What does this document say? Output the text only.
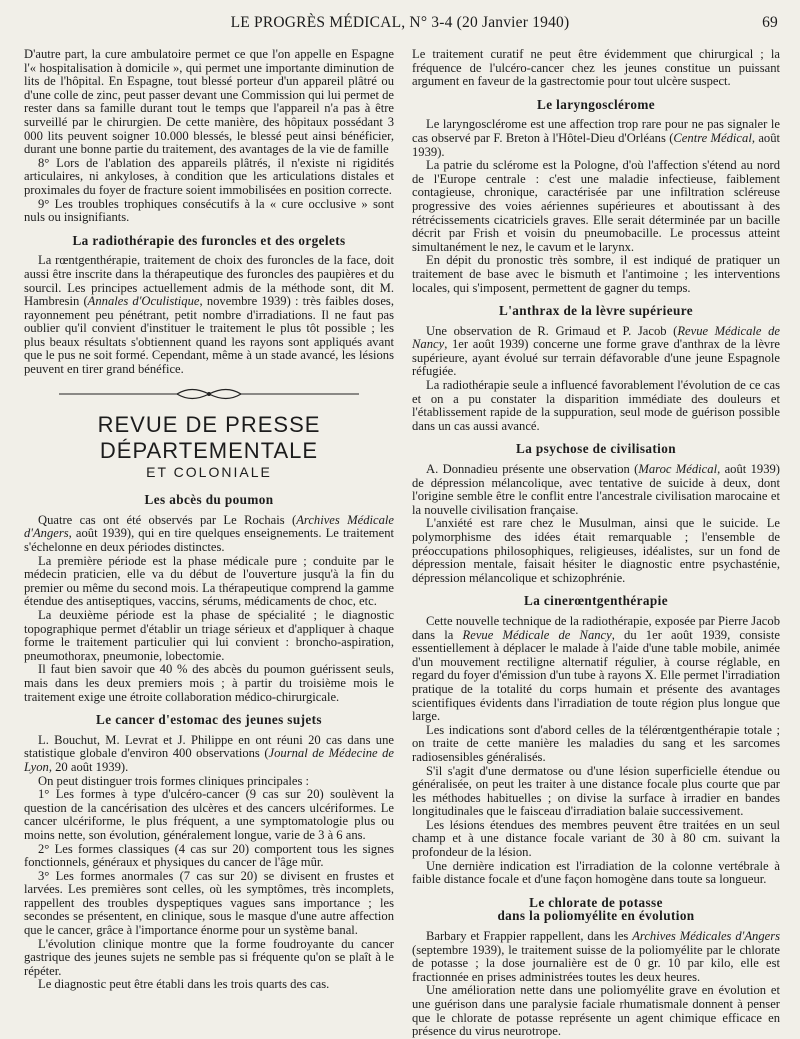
LE PROGRÈS MÉDICAL, N° 3-4 (20 Janvier 1940)	69

D'autre part, la cure ambulatoire permet ce que l'on appelle en Espagne l'« hospitalisation à domicile », qui permet une importante diminution de lits de l'hôpital. En Espagne, tout blessé porteur d'un appareil plâtré ou d'une colle de zinc, peut passer devant une Commission qui lui permet de rester dans sa famille durant tout le temps que l'appareil n'a pas à être surveillé par le chirurgien. De cette manière, des hôpitaux possédant 3 000 lits peuvent soigner 10.000 blessés, le blessé peut ainsi bénéficier, durant une bonne partie du traitement, des avantages de la vie de famille

8° Lors de l'ablation des appareils plâtrés, il n'existe ni rigidités articulaires, ni ankyloses, à condition que les articulations distales et proximales du foyer de fracture soient immobilisées en position correcte.

9° Les troubles trophiques consécutifs à la « cure occlusive » sont nuls ou insignifiants.

La radiothérapie des furoncles et des orgelets

La rœntgenthérapie, traitement de choix des furoncles de la face, doit aussi être inscrite dans la thérapeutique des furoncles des paupières et du sourcil. Les principes actuellement admis de la méthode sont, dit M. Hambresin (Annales d'Oculistique, novembre 1939) : très faibles doses, rayonnement peu pénétrant, petit nombre d'irradiations. Il ne faut pas oublier qu'il convient d'instituer le traitement le plus tôt possible ; les plus beaux résultats s'obtiennent quand les rayons sont appliqués avant que le pus ne soit formé. Cependant, même à un stade avancé, les lésions peuvent en tirer grand bénéfice.

REVUE DE PRESSE DÉPARTEMENTALE
ET COLONIALE
Les abcès du poumon

Quatre cas ont été observés par Le Rochais (Archives Médicale d'Angers, août 1939), qui en tire quelques enseignements. Le traitement s'échelonne en deux périodes distinctes.

La première période est la phase médicale pure ; conduite par le médecin praticien, elle va du début de l'ouverture jusqu'à la fin du premier ou même du second mois. La thérapeutique comprend la gamme étendue des antiseptiques, vaccins, sérums, médicaments de choc, etc.

La deuxième période est la phase de spécialité ; le diagnostic topographique permet d'établir un triage sérieux et d'appliquer à chaque forme le traitement particulier qui lui convient : broncho-aspiration, pneumothorax, pneumonie, lobectomie.

Il faut bien savoir que 40 % des abcès du poumon guérissent seuls, mais dans les deux premiers mois ; à partir du troisième mois le traitement exige une étroite collaboration médico-chirurgicale.

Le cancer d'estomac des jeunes sujets

L. Bouchut, M. Levrat et J. Philippe en ont réuni 20 cas dans une statistique globale d'environ 400 observations (Journal de Médecine de Lyon, 20 août 1939).

On peut distinguer trois formes cliniques principales :

1° Les formes à type d'ulcéro-cancer (9 cas sur 20) soulèvent la question de la cancérisation des ulcères et des cancers ulcériformes. Le cancer ulcériforme, le plus fréquent, a une symptomatologie plus ou moins nette, son évolution, généralement longue, varie de 3 à 6 ans.

2° Les formes classiques (4 cas sur 20) comportent tous les signes fonctionnels, généraux et physiques du cancer de l'âge mûr.

3° Les formes anormales (7 cas sur 20) se divisent en frustes et larvées. Les premières sont celles, où les symptômes, très incomplets, rappellent des troubles dyspeptiques vagues sans importance ; les secondes se présentent, en clinique, sous le masque d'une autre affection que le cancer, grâce à l'importance énorme pour un système banal.

L'évolution clinique montre que la forme foudroyante du cancer gastrique des jeunes sujets ne semble pas si fréquente qu'on se plaît à le répéter.

Le diagnostic peut être établi dans les trois quarts des cas.

Le traitement curatif ne peut être évidemment que chirurgical ; la fréquence de l'ulcéro-cancer chez les jeunes constitue un puissant argument en faveur de la gastrectomie pour tout ulcère suspect.

Le laryngosclérome

Le laryngosclérome est une affection trop rare pour ne pas signaler le cas observé par F. Breton à l'Hôtel-Dieu d'Orléans (Centre Médical, août 1939).

La patrie du sclérome est la Pologne, d'où l'affection s'étend au nord de l'Europe centrale : c'est une maladie infectieuse, faiblement contagieuse, chronique, caractérisée par une infiltration scléreuse progressive des voies aériennes supérieures et aboutissant à des rétrécissements cicatriciels graves. Elle serait déterminée par un bacille décrit par Frish et voisin du pneumobacille. Le processus atteint simultanément le nez, le cavum et le larynx.

En dépit du pronostic très sombre, il est indiqué de pratiquer un traitement de base avec le bismuth et l'antimoine ; les interventions locales, qui s'imposent, permettent de gagner du temps.

L'anthrax de la lèvre supérieure

Une observation de R. Grimaud et P. Jacob (Revue Médicale de Nancy, 1er août 1939) concerne une forme grave d'anthrax de la lèvre supérieure, ayant évolué sur terrain défavorable d'une jeune Espagnole réfugiée.

La radiothérapie seule a influencé favorablement l'évolution de ce cas et on a pu constater la disparition immédiate des douleurs et l'établissement rapide de la suppuration, seul mode de guérison possible dans un cas aussi avancé.

La psychose de civilisation

A. Donnadieu présente une observation (Maroc Médical, août 1939) de dépression mélancolique, avec tentative de suicide à deux, dont l'origine semble être le conflit entre l'ancestrale civilisation marocaine et la nouvelle civilisation française.

L'anxiété est rare chez le Musulman, ainsi que le suicide. Le polymorphisme des idées était remarquable ; l'ensemble de préoccupations philosophiques, religieuses, idéalistes, sur un fond de dépression mentale, faisait hésiter le diagnostic entre psychasténie, dépression mélancolique et schizophrénie.

La cinerœntgenthérapie

Cette nouvelle technique de la radiothérapie, exposée par Pierre Jacob dans la Revue Médicale de Nancy, du 1er août 1939, consiste essentiellement à déplacer le malade à l'aide d'une table mobile, animée d'un mouvement rectiligne alternatif régulier, à course réglable, en regard du foyer d'émission d'un tube à rayons X. Elle permet l'irradiation pratique de la totalité du corps humain et présente des avantages scientifiques évidents dans l'irradiation de toute région plus longue que large.

Les indications sont d'abord celles de la télérœntgenthérapie totale ; on traite de cette manière les maladies du sang et les sarcomes radiosensibles généralisés.

S'il s'agit d'une dermatose ou d'une lésion superficielle étendue ou généralisée, on peut les traiter à une distance focale plus courte que par les méthodes habituelles ; on divise la surface à irradier en bandes longitudinales que le faisceau d'irradiation balaie successivement.

Les lésions étendues des membres peuvent être traitées en un seul champ et à une distance focale variant de 30 à 80 cm. suivant la profondeur de la lésion.

Une dernière indication est l'irradiation de la colonne vertébrale à faible distance focale et d'une façon homogène dans toute sa longueur.

Le chlorate de potasse
dans la poliomyélite en évolution

Barbary et Frappier rappellent, dans les Archives Médicales d'Angers (septembre 1939), le traitement suisse de la poliomyélite par le chlorate de potasse ; la dose journalière est de 0 gr. 10 par kilo, elle est fractionnée en prises administrées toutes les deux heures.

Une amélioration nette dans une poliomyélite grave en évolution et une guérison dans une paralysie faciale rhumatismale donnent à penser que le chlorate de potasse représente un agent chimique efficace en présence du virus neurotrope.
